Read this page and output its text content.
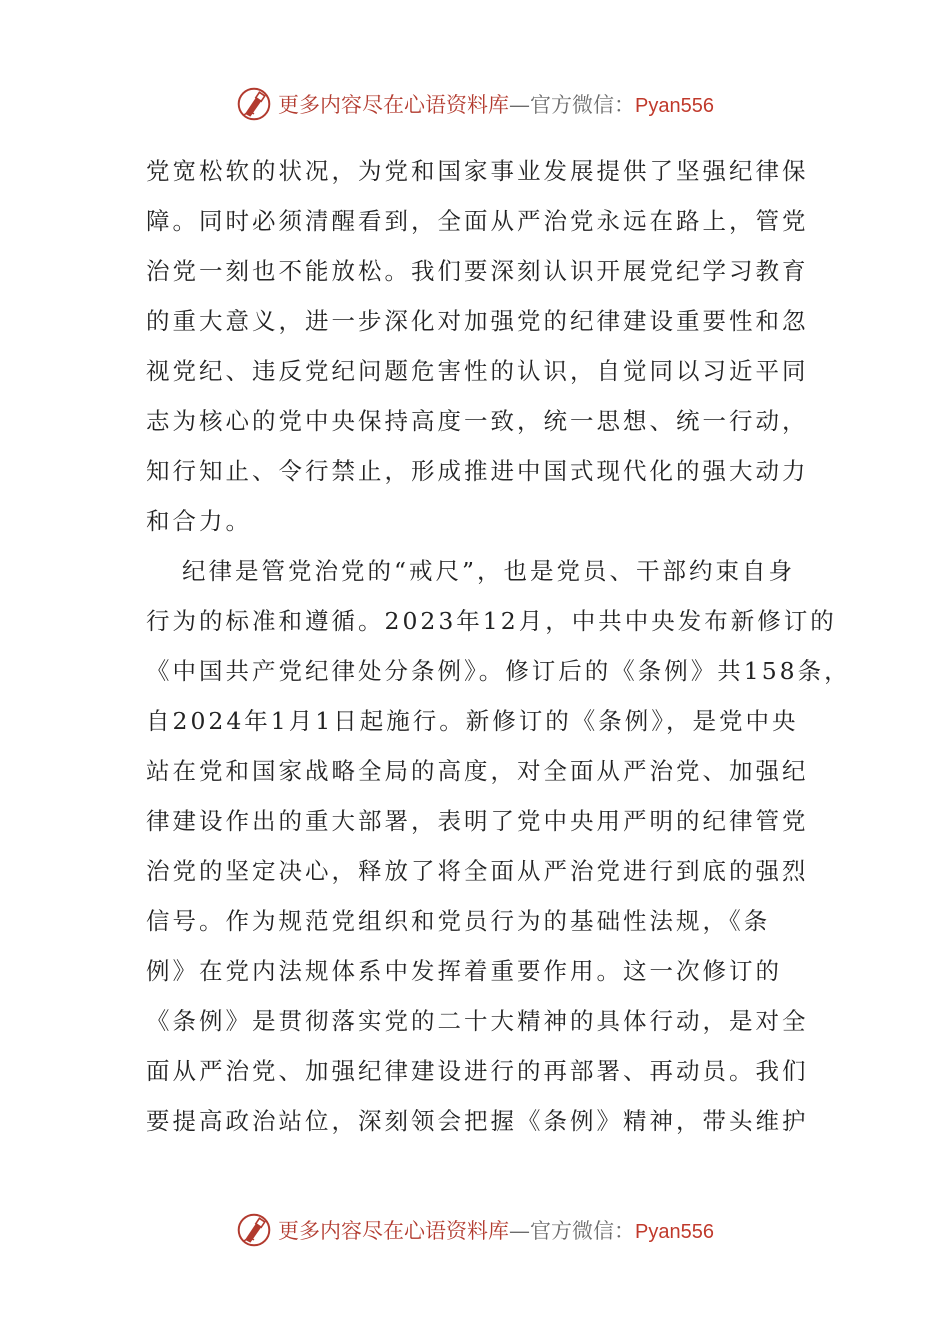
更多内容尽在心语资料库—官方微信：Pyan556
党宽松软的状况，为党和国家事业发展提供了坚强纪律保
障。同时必须清醒看到，全面从严治党永远在路上，管党
治党一刻也不能放松。我们要深刻认识开展党纪学习教育
的重大意义，进一步深化对加强党的纪律建设重要性和忽
视党纪、违反党纪问题危害性的认识，自觉同以习近平同
志为核心的党中央保持高度一致，统一思想、统一行动，
知行知止、令行禁止，形成推进中国式现代化的强大动力
和合力。
纪律是管党治党的“戒尺”，也是党员、干部约束自身
行为的标准和遵循。2023年12月，中共中央发布新修订的
《中国共产党纪律处分条例》。修订后的《条例》共158条，
自2024年1月1日起施行。新修订的《条例》，是党中央
站在党和国家战略全局的高度，对全面从严治党、加强纪
律建设作出的重大部署，表明了党中央用严明的纪律管党
治党的坚定决心，释放了将全面从严治党进行到底的强烈
信号。作为规范党组织和党员行为的基础性法规，《条
例》在党内法规体系中发挥着重要作用。这一次修订的
《条例》是贯彻落实党的二十大精神的具体行动，是对全
面从严治党、加强纪律建设进行的再部署、再动员。我们
要提高政治站位，深刻领会把握《条例》精神，带头维护
更多内容尽在心语资料库—官方微信：Pyan556
